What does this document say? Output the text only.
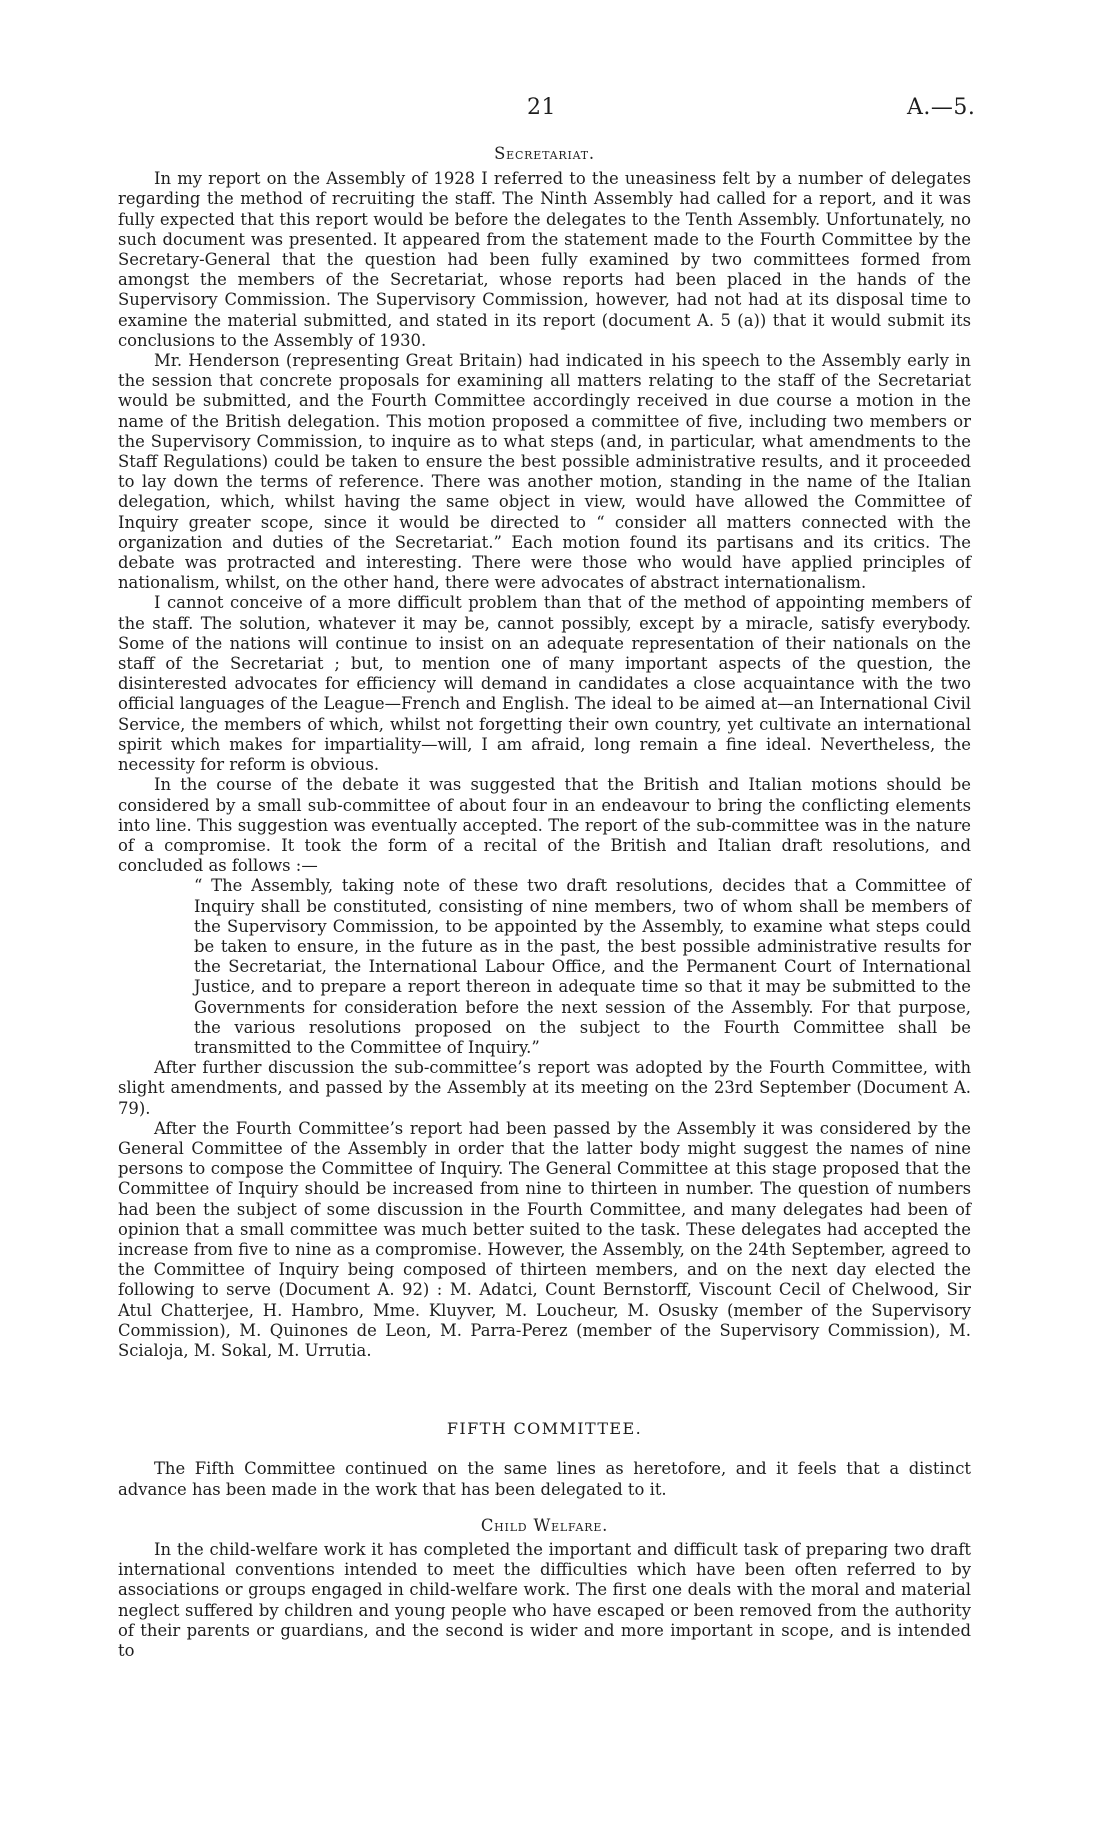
21	A.—5.
Secretariat.

In my report on the Assembly of 1928 I referred to the uneasiness felt by a number of delegates regarding the method of recruiting the staff. The Ninth Assembly had called for a report, and it was fully expected that this report would be before the delegates to the Tenth Assembly. Unfortunately, no such document was presented. It appeared from the statement made to the Fourth Committee by the Secretary-General that the question had been fully examined by two committees formed from amongst the members of the Secretariat, whose reports had been placed in the hands of the Supervisory Commission. The Supervisory Commission, however, had not had at its disposal time to examine the material submitted, and stated in its report (document A. 5 (a)) that it would submit its conclusions to the Assembly of 1930.

Mr. Henderson (representing Great Britain) had indicated in his speech to the Assembly early in the session that concrete proposals for examining all matters relating to the staff of the Secretariat would be submitted, and the Fourth Committee accordingly received in due course a motion in the name of the British delegation. This motion proposed a committee of five, including two members or the Supervisory Commission, to inquire as to what steps (and, in particular, what amendments to the Staff Regulations) could be taken to ensure the best possible administrative results, and it proceeded to lay down the terms of reference. There was another motion, standing in the name of the Italian delegation, which, whilst having the same object in view, would have allowed the Committee of Inquiry greater scope, since it would be directed to “ consider all matters connected with the organization and duties of the Secretariat.” Each motion found its partisans and its critics. The debate was protracted and interesting. There were those who would have applied principles of nationalism, whilst, on the other hand, there were advocates of abstract internationalism.

I cannot conceive of a more difficult problem than that of the method of appointing members of the staff. The solution, whatever it may be, cannot possibly, except by a miracle, satisfy everybody. Some of the nations will continue to insist on an adequate representation of their nationals on the staff of the Secretariat ; but, to mention one of many important aspects of the question, the disinterested advocates for efficiency will demand in candidates a close acquaintance with the two official languages of the League—French and English. The ideal to be aimed at—an International Civil Service, the members of which, whilst not forgetting their own country, yet cultivate an international spirit which makes for impartiality—will, I am afraid, long remain a fine ideal. Nevertheless, the necessity for reform is obvious.

In the course of the debate it was suggested that the British and Italian motions should be considered by a small sub-committee of about four in an endeavour to bring the conflicting elements into line. This suggestion was eventually accepted. The report of the sub-committee was in the nature of a compromise. It took the form of a recital of the British and Italian draft resolutions, and concluded as follows :—

“ The Assembly, taking note of these two draft resolutions, decides that a Committee of Inquiry shall be constituted, consisting of nine members, two of whom shall be members of the Supervisory Commission, to be appointed by the Assembly, to examine what steps could be taken to ensure, in the future as in the past, the best possible administrative results for the Secretariat, the International Labour Office, and the Permanent Court of International Justice, and to prepare a report thereon in adequate time so that it may be submitted to the Governments for consideration before the next session of the Assembly. For that purpose, the various resolutions proposed on the subject to the Fourth Committee shall be transmitted to the Committee of Inquiry.”

After further discussion the sub-committee’s report was adopted by the Fourth Committee, with slight amendments, and passed by the Assembly at its meeting on the 23rd September (Document A. 79).

After the Fourth Committee’s report had been passed by the Assembly it was considered by the General Committee of the Assembly in order that the latter body might suggest the names of nine persons to compose the Committee of Inquiry. The General Committee at this stage proposed that the Committee of Inquiry should be increased from nine to thirteen in number. The question of numbers had been the subject of some discussion in the Fourth Committee, and many delegates had been of opinion that a small committee was much better suited to the task. These delegates had accepted the increase from five to nine as a compromise. However, the Assembly, on the 24th September, agreed to the Committee of Inquiry being composed of thirteen members, and on the next day elected the following to serve (Document A. 92) : M. Adatci, Count Bernstorff, Viscount Cecil of Chelwood, Sir Atul Chatterjee, H. Hambro, Mme. Kluyver, M. Loucheur, M. Osusky (member of the Supervisory Commission), M. Quinones de Leon, M. Parra-Perez (member of the Supervisory Commission), M. Scialoja, M. Sokal, M. Urrutia.

FIFTH COMMITTEE.

The Fifth Committee continued on the same lines as heretofore, and it feels that a distinct advance has been made in the work that has been delegated to it.

Child Welfare.

In the child-welfare work it has completed the important and difficult task of preparing two draft international conventions intended to meet the difficulties which have been often referred to by associations or groups engaged in child-welfare work. The first one deals with the moral and material neglect suffered by children and young people who have escaped or been removed from the authority of their parents or guardians, and the second is wider and more important in scope, and is intended to
